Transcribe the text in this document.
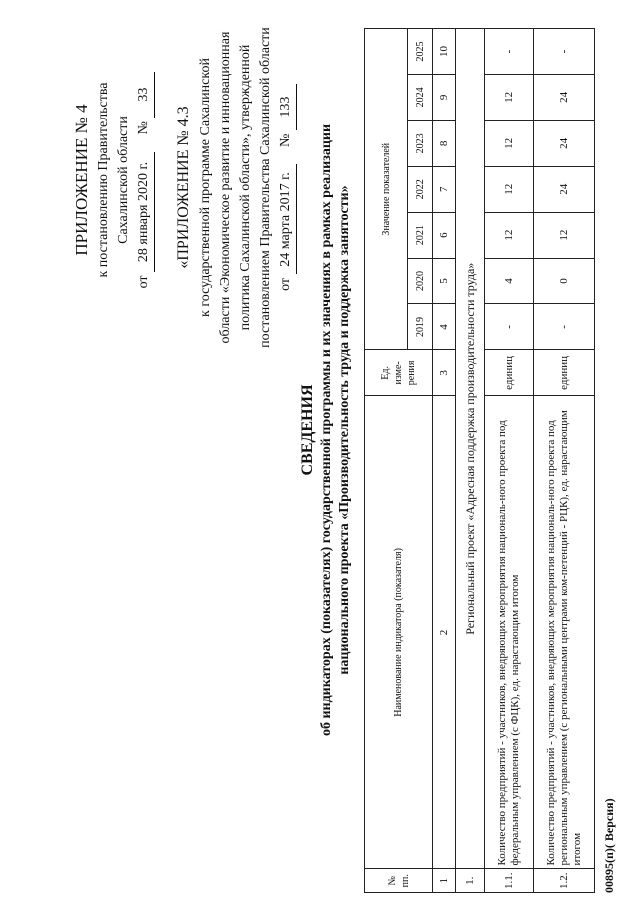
ПРИЛОЖЕНИЕ № 4 к постановлению Правительства Сахалинской области
от 28 января 2020 г. № 33
«ПРИЛОЖЕНИЕ № 4.3 к государственной программе Сахалинской области «Экономическое развитие и инновационная политика Сахалинской области», утвержденной постановлением Правительства Сахалинской области от 24 марта 2017 г. № 133
СВЕДЕНИЯ об индикаторах (показателях) государственной программы и их значениях в рамках реализации национального проекта «Производительность труда и поддержка занятости»
№ пп.	Наименование индикатора (показателя)	Ед. изме-рения	Значение показателей						
			2019	2020	2021	2022	2023	2024	2025
1	2	3	4	5	6	7	8	9	10
1.	Региональный проект «Адресная поддержка производительности труда»								
1.1.	Количество предприятий - участников, внедряющих мероприятия националь-ного проекта под федеральным управлением (с ФЦК), ед. нарастающим итогом	единиц	-	4	12	12	12	12	-
1.2.	Количество предприятий - участников, внедряющих мероприятия националь-ного проекта под региональным управлением (с региональными центрами ком-петенций - РЦК), ед. нарастающим итогом	единиц	-	0	12	24	24	24	-
00895(п)( Версия)
